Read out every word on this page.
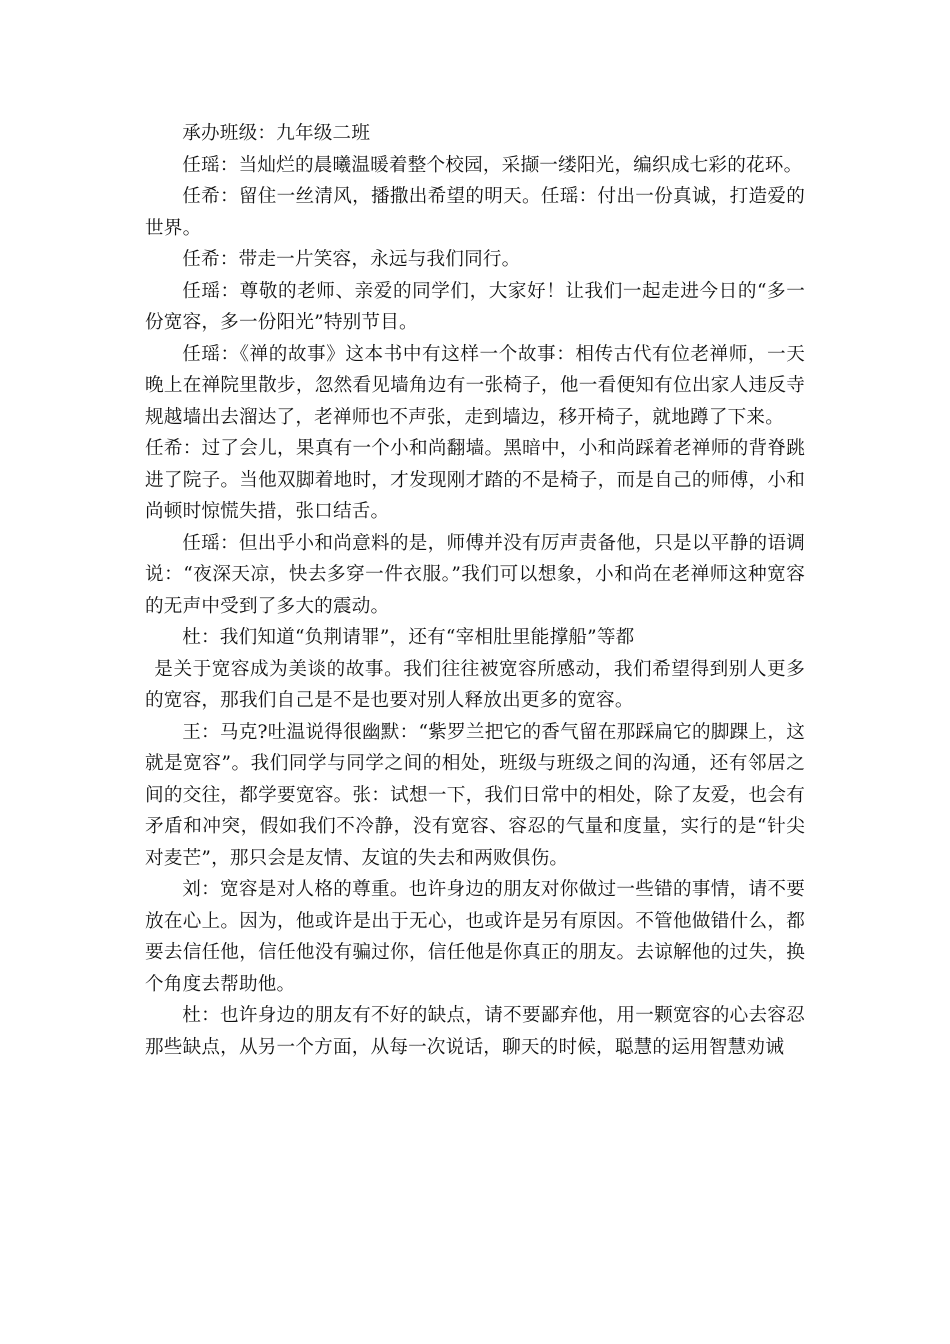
承办班级：九年级二班

任瑶：当灿烂的晨曦温暖着整个校园，采撷一缕阳光，编织成七彩的花环。

任希：留住一丝清风，播撒出希望的明天。任瑶：付出一份真诚，打造爱的世界。

任希：带走一片笑容，永远与我们同行。

任瑶：尊敬的老师、亲爱的同学们，大家好！让我们一起走进今日的“多一份宽容，多一份阳光”特别节目。

任瑶：《禅的故事》这本书中有这样一个故事：相传古代有位老禅师，一天晚上在禅院里散步，忽然看见墙角边有一张椅子，他一看便知有位出家人违反寺规越墙出去溜达了，老禅师也不声张，走到墙边，移开椅子，就地蹲了下来。

任希：过了会儿，果真有一个小和尚翻墙。黑暗中，小和尚踩着老禅师的背脊跳进了院子。当他双脚着地时，才发现刚才踏的不是椅子，而是自己的师傅，小和尚顿时惊慌失措，张口结舌。

任瑶：但出乎小和尚意料的是，师傅并没有厉声责备他，只是以平静的语调说：“夜深天凉，快去多穿一件衣服。”我们可以想象，小和尚在老禅师这种宽容的无声中受到了多大的震动。

杜：我们知道“负荆请罪”，还有“宰相肚里能撑船”等都

是关于宽容成为美谈的故事。我们往往被宽容所感动，我们希望得到别人更多的宽容，那我们自己是不是也要对别人释放出更多的宽容。

王：马克?吐温说得很幽默：“紫罗兰把它的香气留在那踩扁它的脚踝上，这就是宽容”。我们同学与同学之间的相处，班级与班级之间的沟通，还有邻居之间的交往，都学要宽容。张：试想一下，我们日常中的相处，除了友爱，也会有矛盾和冲突，假如我们不冷静，没有宽容、容忍的气量和度量，实行的是“针尖对麦芒”，那只会是友情、友谊的失去和两败俱伤。

刘：宽容是对人格的尊重。也许身边的朋友对你做过一些错的事情，请不要放在心上。因为，他或许是出于无心，也或许是另有原因。不管他做错什么，都要去信任他，信任他没有骗过你，信任他是你真正的朋友。去谅解他的过失，换个角度去帮助他。

杜：也许身边的朋友有不好的缺点，请不要鄙弃他，用一颗宽容的心去容忍那些缺点，从另一个方面，从每一次说话，聊天的时候，聪慧的运用智慧劝诫
